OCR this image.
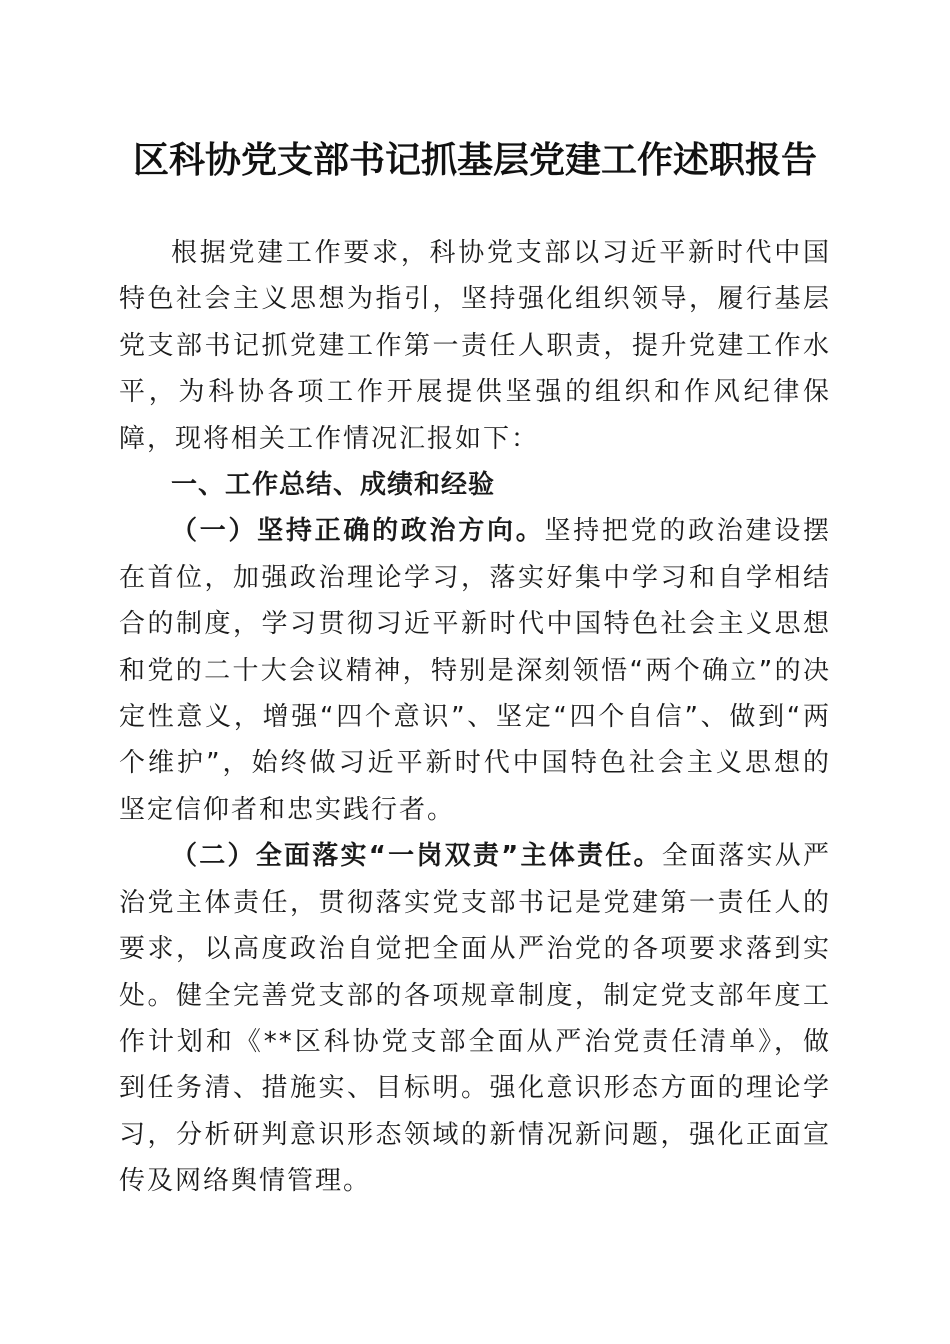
区科协党支部书记抓基层党建工作述职报告

根据党建工作要求，科协党支部以习近平新时代中国特色社会主义思想为指引，坚持强化组织领导，履行基层党支部书记抓党建工作第一责任人职责，提升党建工作水平，为科协各项工作开展提供坚强的组织和作风纪律保障，现将相关工作情况汇报如下：

一、工作总结、成绩和经验

（一）坚持正确的政治方向。坚持把党的政治建设摆在首位，加强政治理论学习，落实好集中学习和自学相结合的制度，学习贯彻习近平新时代中国特色社会主义思想和党的二十大会议精神，特别是深刻领悟“两个确立”的决定性意义，增强“四个意识”、坚定“四个自信”、做到“两个维护”，始终做习近平新时代中国特色社会主义思想的坚定信仰者和忠实践行者。

（二）全面落实“一岗双责”主体责任。全面落实从严治党主体责任，贯彻落实党支部书记是党建第一责任人的要求，以高度政治自觉把全面从严治党的各项要求落到实处。健全完善党支部的各项规章制度，制定党支部年度工作计划和《**区科协党支部全面从严治党责任清单》，做到任务清、措施实、目标明。强化意识形态方面的理论学习，分析研判意识形态领域的新情况新问题，强化正面宣传及网络舆情管理。
